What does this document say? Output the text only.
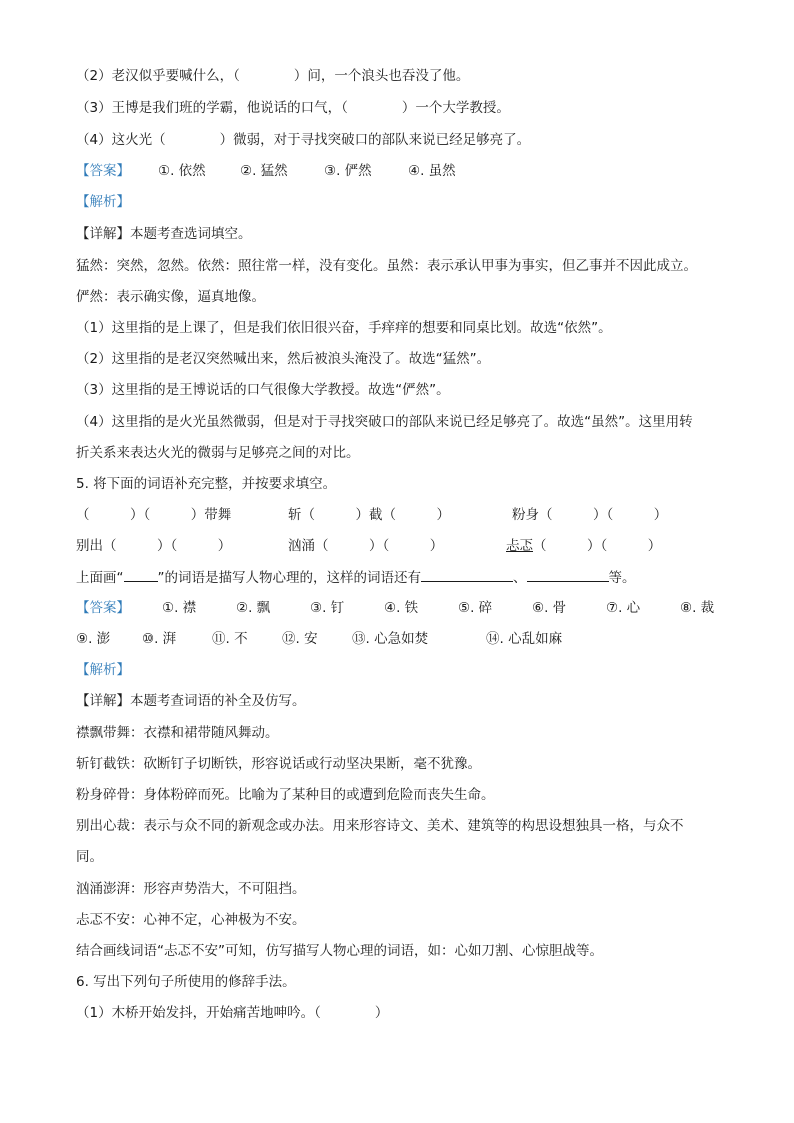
（2）老汉似乎要喊什么，（　　　　）问，一个浪头也吞没了他。
（3）王博是我们班的学霸，他说话的口气，（　　　　）一个大学教授。
（4）这火光（　　　　）微弱，对于寻找突破口的部队来说已经足够亮了。
【答案】 ①. 依然	②. 猛然	③. 俨然	④. 虽然
【解析】
【详解】本题考查选词填空。
猛然：突然，忽然。依然：照往常一样，没有变化。虽然：表示承认甲事为事实，但乙事并不因此成立。
俨然：表示确实像，逼真地像。
（1）这里指的是上课了，但是我们依旧很兴奋，手痒痒的想要和同桌比划。故选“依然”。
（2）这里指的是老汉突然喊出来，然后被浪头淹没了。故选“猛然”。
（3）这里指的是王博说话的口气很像大学教授。故选“俨然”。
（4）这里指的是火光虽然微弱，但是对于寻找突破口的部队来说已经足够亮了。故选“虽然”。这里用转
折关系来表达火光的微弱与足够亮之间的对比。
5. 将下面的词语补充完整，并按要求填空。
（　　　）（　　　）带舞	斩（　　　）截（　　　）	粉身（　　　）（　　　）
别出（　　　）（　　　）	汹涌（　　　）（　　　）	忐忑（　　　）（　　　）
上面画“	”的词语是描写人物心理的，这样的词语还有	、	等。
【答案】 ①. 襟	②. 飘	③. 钉	④. 铁	⑤. 碎	⑥. 骨	⑦. 心	⑧. 裁
⑨. 澎 ⑩. 湃	⑪. 不	⑫. 安	⑬. 心急如焚	⑭. 心乱如麻
【解析】
【详解】本题考查词语的补全及仿写。
襟飘带舞：衣襟和裙带随风舞动。
斩钉截铁：砍断钉子切断铁，形容说话或行动坚决果断，毫不犹豫。
粉身碎骨：身体粉碎而死。比喻为了某种目的或遭到危险而丧失生命。
别出心裁：表示与众不同的新观念或办法。用来形容诗文、美术、建筑等的构思设想独具一格，与众不
同。
汹涌澎湃：形容声势浩大，不可阻挡。
忐忑不安：心神不定，心神极为不安。
结合画线词语“忐忑不安”可知，仿写描写人物心理的词语，如：心如刀割、心惊胆战等。
6. 写出下列句子所使用的修辞手法。
（1）木桥开始发抖，开始痛苦地呻吟。（　　　　）
